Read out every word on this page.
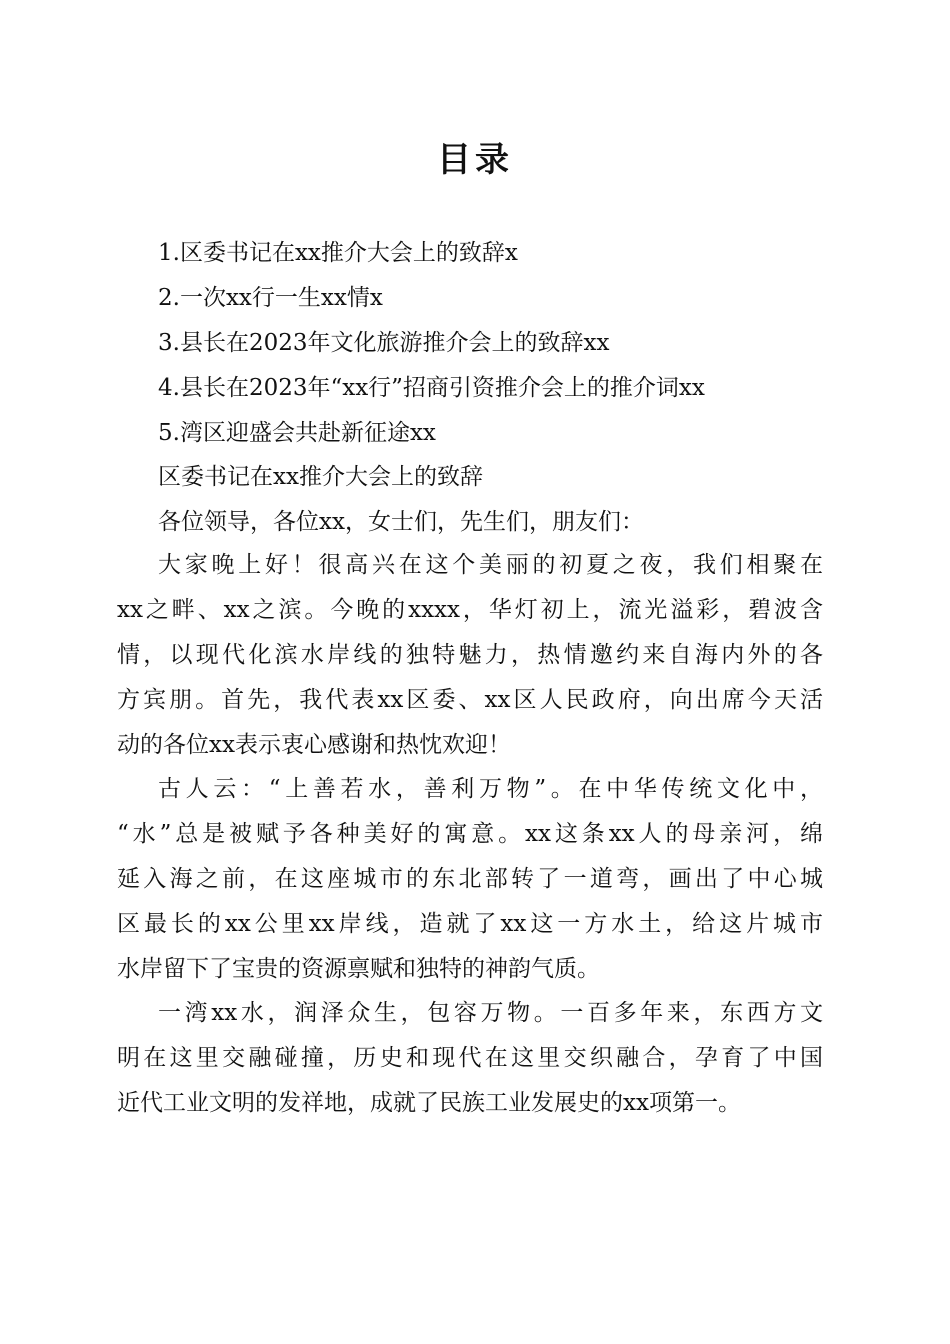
目录
1.区委书记在xx推介大会上的致辞x
2.一次xx行一生xx情x
3.县长在2023年文化旅游推介会上的致辞xx
4.县长在2023年“xx行”招商引资推介会上的推介词xx
5.湾区迎盛会共赴新征途xx
区委书记在xx推介大会上的致辞
各位领导，各位xx，女士们，先生们，朋友们：
大家晚上好！很高兴在这个美丽的初夏之夜，我们相聚在
xx之畔、xx之滨。今晚的xxxx，华灯初上，流光溢彩，碧波含
情，以现代化滨水岸线的独特魅力，热情邀约来自海内外的各
方宾朋。首先，我代表xx区委、xx区人民政府，向出席今天活
动的各位xx表示衷心感谢和热忱欢迎！
古人云：“上善若水，善利万物”。在中华传统文化中，
“水”总是被赋予各种美好的寓意。xx这条xx人的母亲河，绵
延入海之前，在这座城市的东北部转了一道弯，画出了中心城
区最长的xx公里xx岸线，造就了xx这一方水土，给这片城市
水岸留下了宝贵的资源禀赋和独特的神韵气质。
一湾xx水，润泽众生，包容万物。一百多年来，东西方文
明在这里交融碰撞，历史和现代在这里交织融合，孕育了中国
近代工业文明的发祥地，成就了民族工业发展史的xx项第一。
